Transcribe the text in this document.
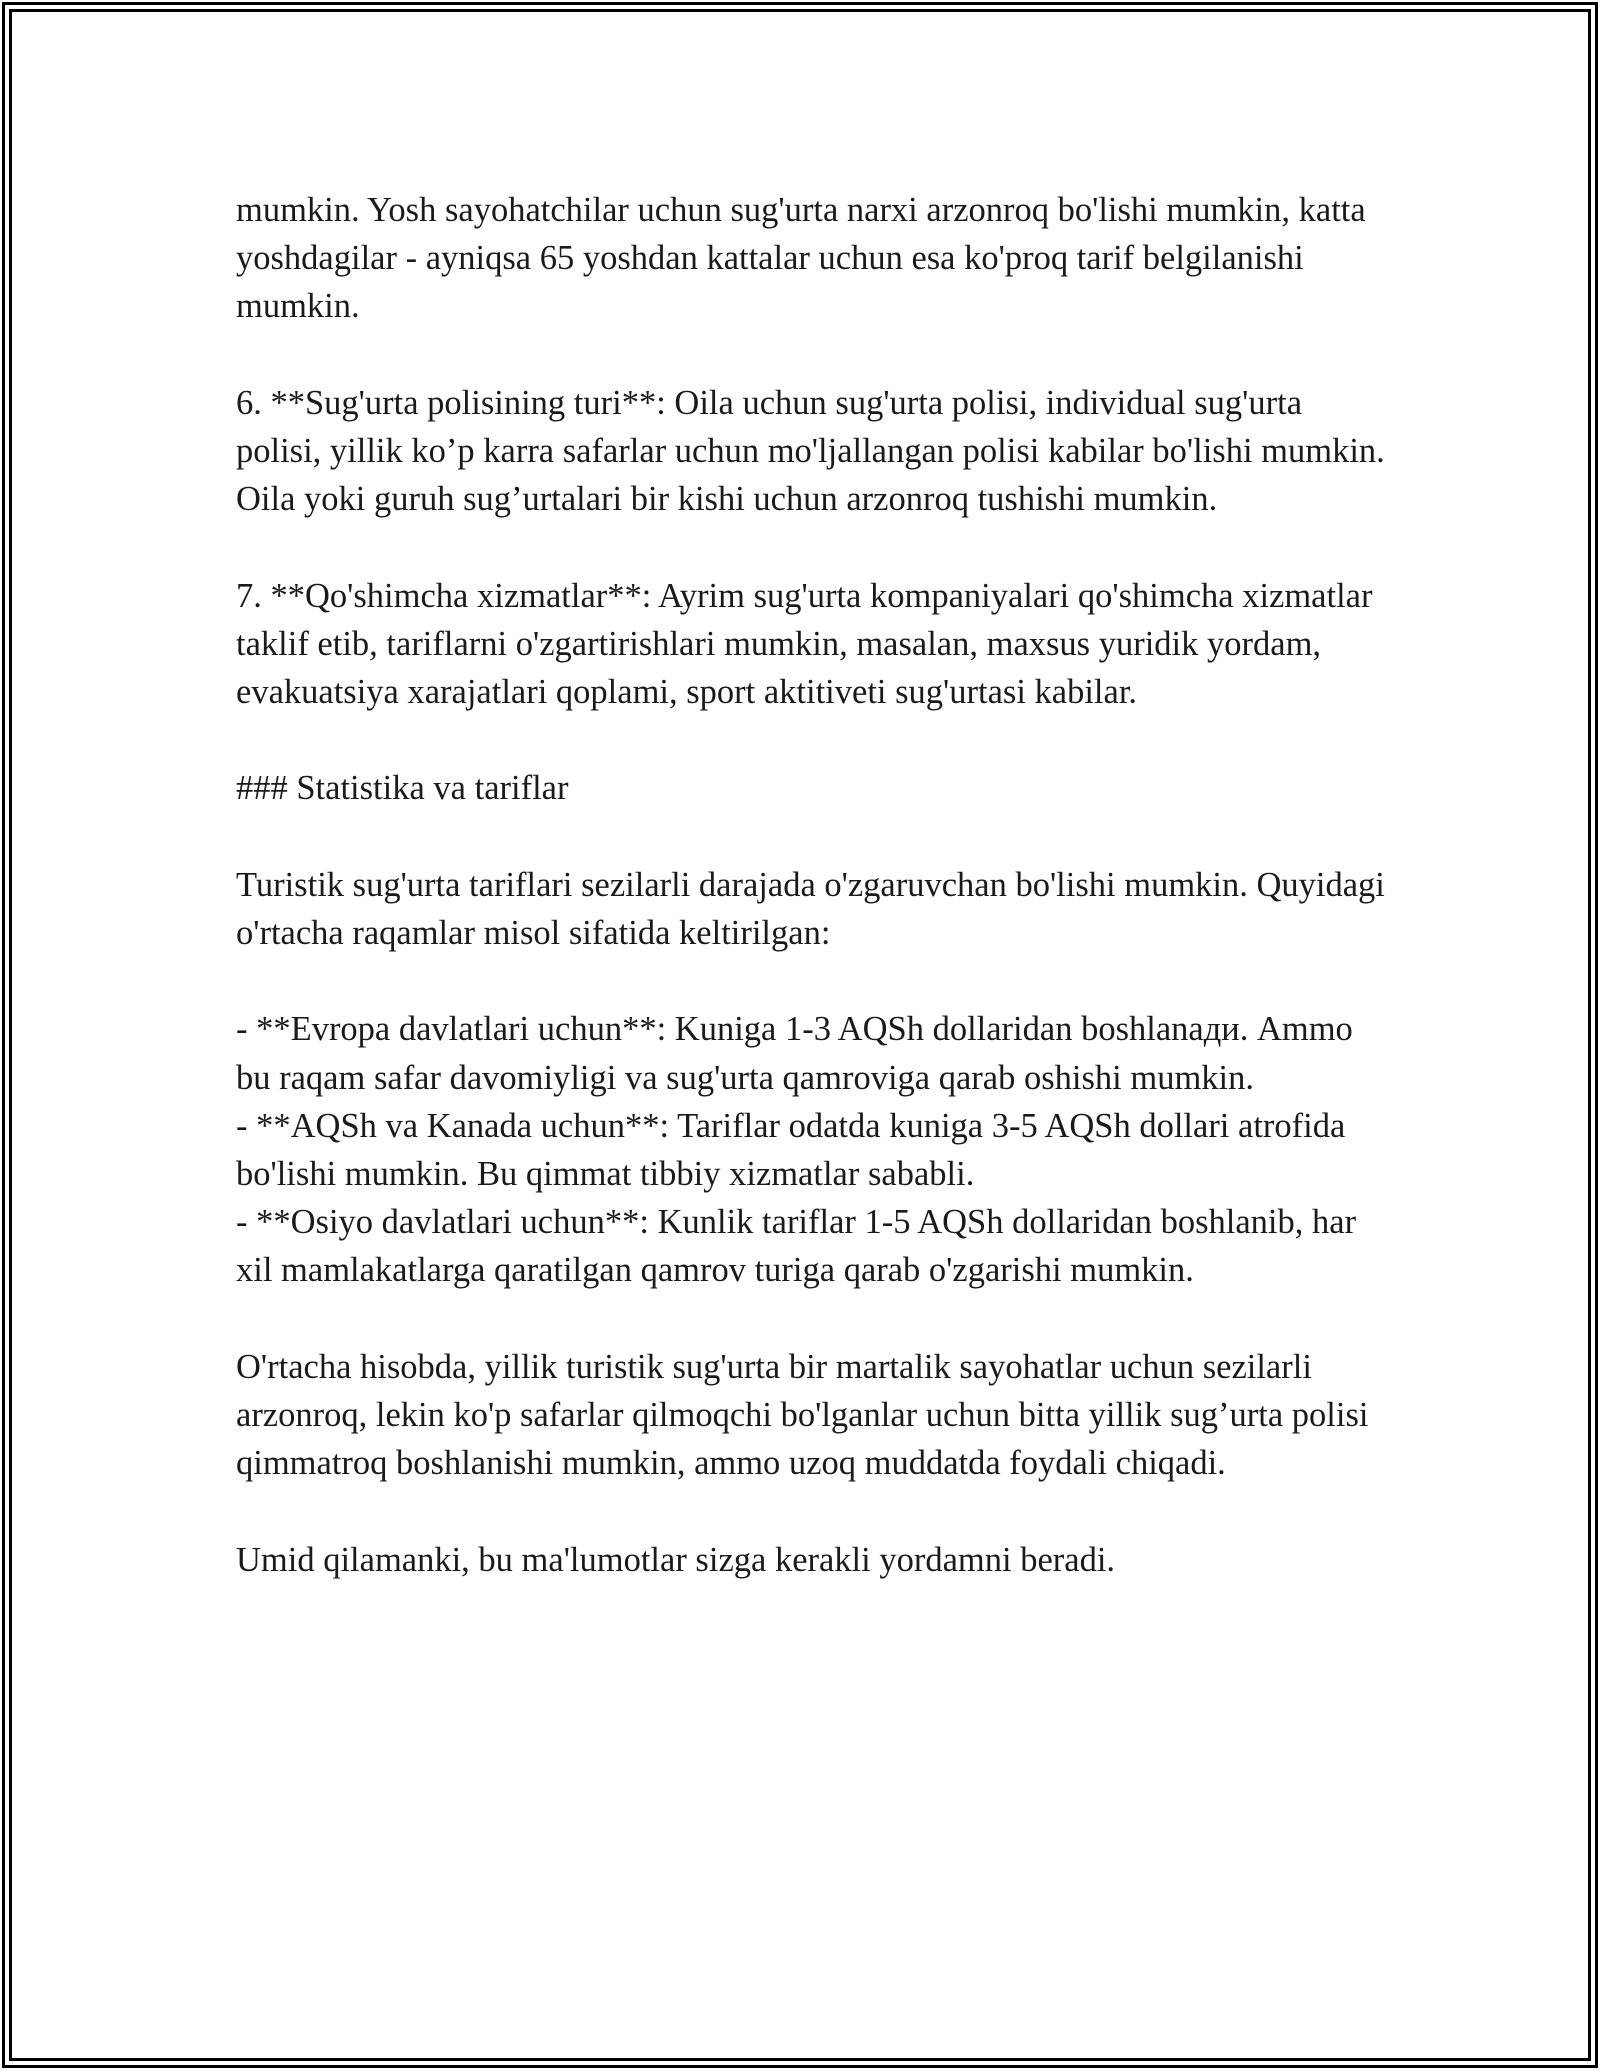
mumkin. Yosh sayohatchilar uchun sug'urta narxi arzonroq bo'lishi mumkin, katta yoshdagilar - ayniqsa 65 yoshdan kattalar uchun esa ko'proq tarif belgilanishi mumkin.

6. **Sug'urta polisining turi**: Oila uchun sug'urta polisi, individual sug'urta polisi, yillik ko’p karra safarlar uchun mo'ljallangan polisi kabilar bo'lishi mumkin. Oila yoki guruh sug’urtalari bir kishi uchun arzonroq tushishi mumkin.

7. **Qo'shimcha xizmatlar**: Ayrim sug'urta kompaniyalari qo'shimcha xizmatlar taklif etib, tariflarni o'zgartirishlari mumkin, masalan, maxsus yuridik yordam, evakuatsiya xarajatlari qoplami, sport aktitiveti sug'urtasi kabilar.

### Statistika va tariflar

Turistik sug'urta tariflari sezilarli darajada o'zgaruvchan bo'lishi mumkin. Quyidagi o'rtacha raqamlar misol sifatida keltirilgan:

- **Evropa davlatlari uchun**: Kuniga 1-3 AQSh dollaridan boshlanади. Ammo bu raqam safar davomiyligi va sug'urta qamroviga qarab oshishi mumkin.

- **AQSh va Kanada uchun**: Tariflar odatda kuniga 3-5 AQSh dollari atrofida bo'lishi mumkin. Bu qimmat tibbiy xizmatlar sababli.

- **Osiyo davlatlari uchun**: Kunlik tariflar 1-5 AQSh dollaridan boshlanib, har xil mamlakatlarga qaratilgan qamrov turiga qarab o'zgarishi mumkin.

O'rtacha hisobda, yillik turistik sug'urta bir martalik sayohatlar uchun sezilarli arzonroq, lekin ko'p safarlar qilmoqchi bo'lganlar uchun bitta yillik sug’urta polisi qimmatroq boshlanishi mumkin, ammo uzoq muddatda foydali chiqadi.

Umid qilamanki, bu ma'lumotlar sizga kerakli yordamni beradi.
